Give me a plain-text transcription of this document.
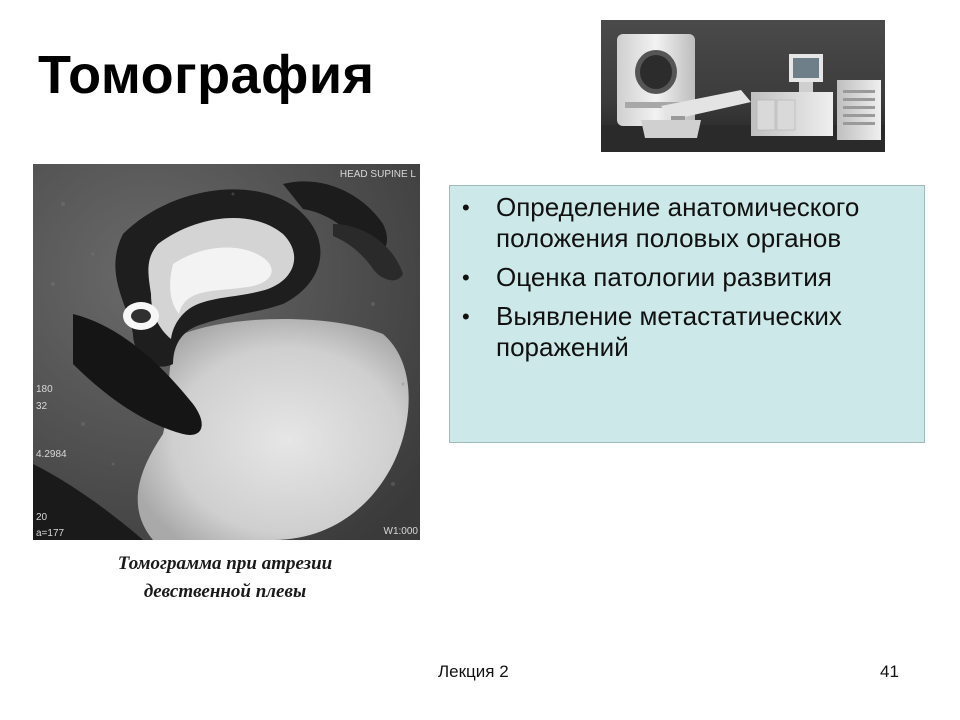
Томография
HEAD SUPINE L
W1:000
180
32
4.2984
20
a=177
Томограмма при атрезии
девственной плевы
•	Определение анатомического положения половых органов
•	Оценка патологии развития
•	Выявление метастатических поражений
Лекция 2	41
